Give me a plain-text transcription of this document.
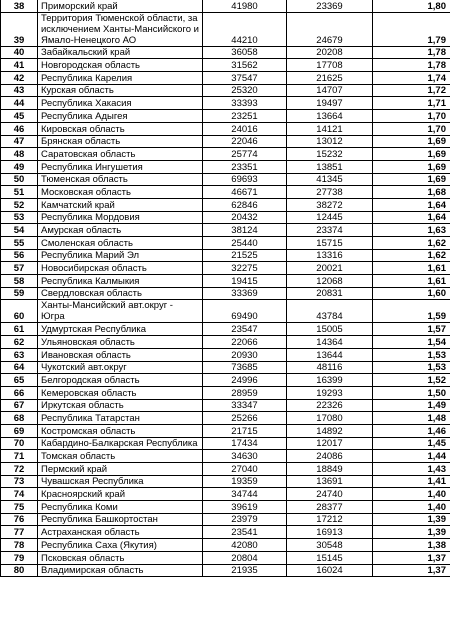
38	Приморский край	41980	23369	1,80
39	Территория Тюменской области, за исключением Ханты-Мансийского и Ямало-Ненецкого АО	44210	24679	1,79
40	Забайкальский край	36058	20208	1,78
41	Новгородская область	31562	17708	1,78
42	Республика Карелия	37547	21625	1,74
43	Курская область	25320	14707	1,72
44	Республика Хакасия	33393	19497	1,71
45	Республика Адыгея	23251	13664	1,70
46	Кировская область	24016	14121	1,70
47	Брянская область	22046	13012	1,69
48	Саратовская область	25774	15232	1,69
49	Республика Ингушетия	23351	13851	1,69
50	Тюменская область	69693	41345	1,69
51	Московская область	46671	27738	1,68
52	Камчатский край	62846	38272	1,64
53	Республика Мордовия	20432	12445	1,64
54	Амурская область	38124	23374	1,63
55	Смоленская область	25440	15715	1,62
56	Республика Марий Эл	21525	13316	1,62
57	Новосибирская область	32275	20021	1,61
58	Республика Калмыкия	19415	12068	1,61
59	Свердловская область	33369	20831	1,60
60	Ханты-Мансийский авт.округ - Югра	69490	43784	1,59
61	Удмуртская Республика	23547	15005	1,57
62	Ульяновская область	22066	14364	1,54
63	Ивановская область	20930	13644	1,53
64	Чукотский авт.округ	73685	48116	1,53
65	Белгородская область	24996	16399	1,52
66	Кемеровская область	28959	19293	1,50
67	Иркутская область	33347	22326	1,49
68	Республика Татарстан	25266	17080	1,48
69	Костромская область	21715	14892	1,46
70	Кабардино-Балкарская Республика	17434	12017	1,45
71	Томская область	34630	24086	1,44
72	Пермский край	27040	18849	1,43
73	Чувашская Республика	19359	13691	1,41
74	Красноярский край	34744	24740	1,40
75	Республика Коми	39619	28377	1,40
76	Республика Башкортостан	23979	17212	1,39
77	Астраханская область	23541	16913	1,39
78	Республика Саха (Якутия)	42080	30548	1,38
79	Псковская область	20804	15145	1,37
80	Владимирская область	21935	16024	1,37
